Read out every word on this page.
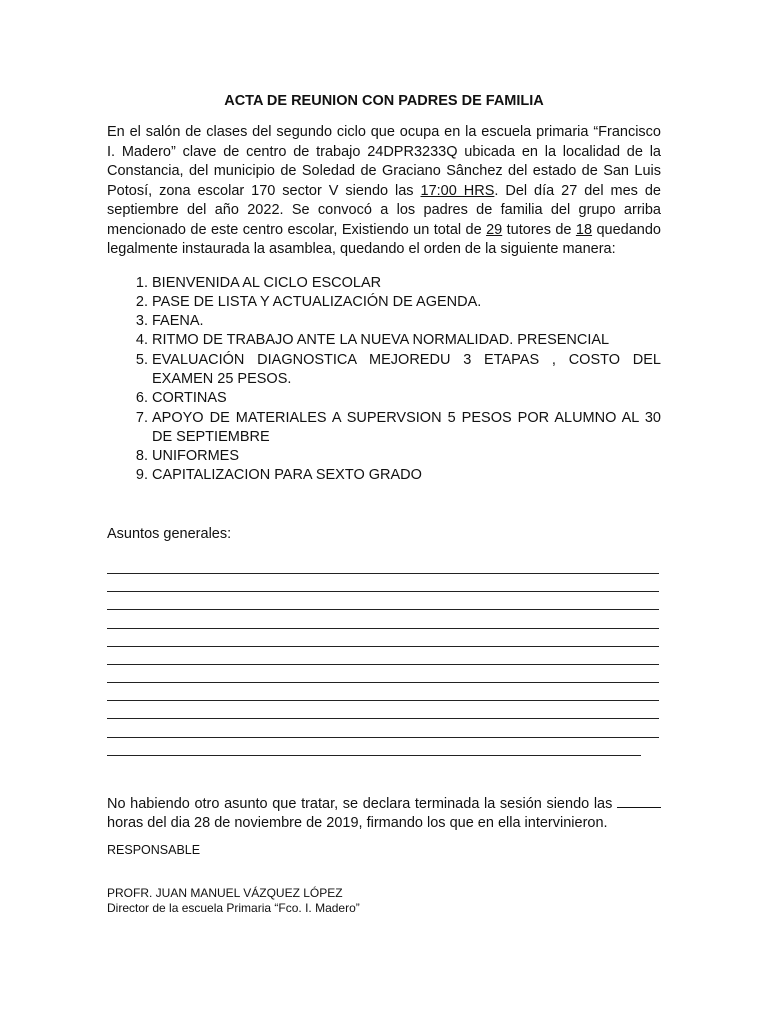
ACTA DE REUNION CON PADRES DE FAMILIA

En el salón de clases del segundo ciclo que ocupa en la escuela primaria “Francisco I. Madero” clave de centro de trabajo 24DPR3233Q ubicada en la localidad de la Constancia, del municipio de Soledad de Graciano Sânchez del estado de San Luis Potosí, zona escolar 170 sector V siendo las 17:00 HRS. Del día 27 del mes de septiembre del año 2022. Se convocó a los padres de familia del grupo arriba mencionado de este centro escolar, Existiendo un total de 29 tutores de 18 quedando legalmente instaurada la asamblea, quedando el orden de la siguiente manera:

1. BIENVENIDA AL CICLO ESCOLAR
2. PASE DE LISTA Y ACTUALIZACIÓN DE AGENDA.
3. FAENA.
4. RITMO DE TRABAJO ANTE LA NUEVA NORMALIDAD. PRESENCIAL
5. EVALUACIÓN DIAGNOSTICA MEJOREDU 3 ETAPAS , COSTO DEL EXAMEN 25 PESOS.
6. CORTINAS
7. APOYO DE MATERIALES A SUPERVSION 5 PESOS POR ALUMNO AL 30 DE SEPTIEMBRE
8. UNIFORMES
9. CAPITALIZACION PARA SEXTO GRADO
Asuntos generales:

No habiendo otro asunto que tratar, se declara terminada la sesión siendo las  horas del dia 28 de noviembre de 2019, firmando los que en ella intervinieron.

RESPONSABLE
PROFR. JUAN MANUEL VÁZQUEZ LÓPEZ
Director de la escuela Primaria “Fco. I. Madero”
